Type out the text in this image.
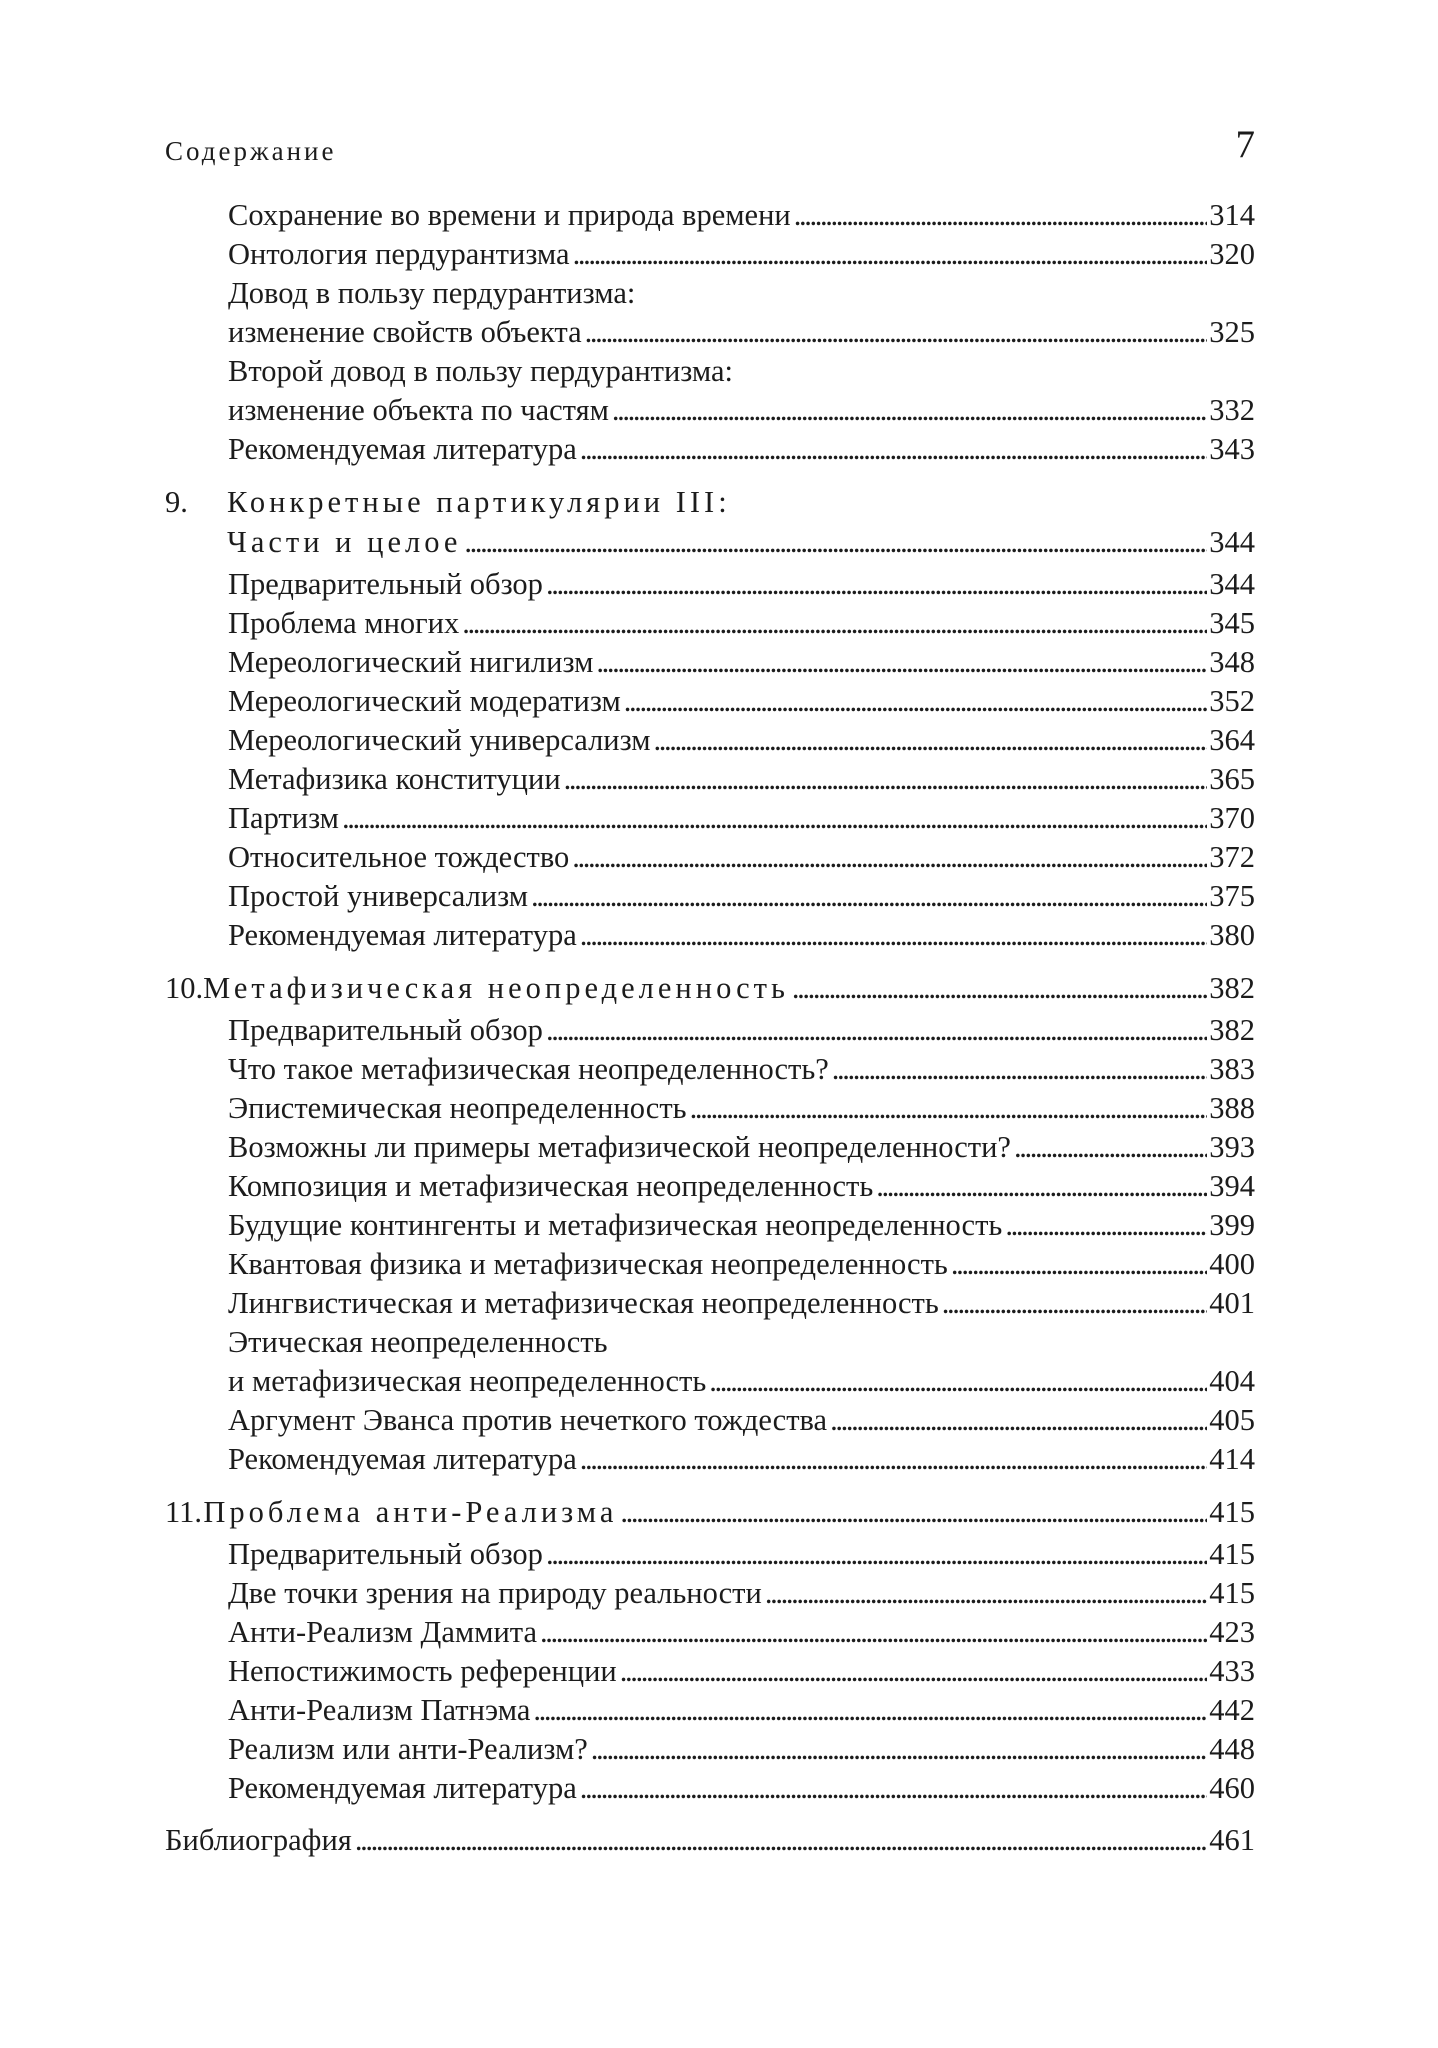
Содержание	7
Сохранение во времени и природа времени . . .	314
Онтология пердурантизма . . .	320
Довод в пользу пердурантизма:
изменение свойств объекта . . .	325
Второй довод в пользу пердурантизма:
изменение объекта по частям . . .	332
Рекомендуемая литература . . .	343
9.	Конкретные партикулярии III:
Части и целое . . .	344
Предварительный обзор . . .	344
Проблема многих . . .	345
Мереологический нигилизм . . .	348
Мереологический модератизм . . .	352
Мереологический универсализм . . .	364
Метафизика конституции . . .	365
Партизм . . .	370
Относительное тождество . . .	372
Простой универсализм . . .	375
Рекомендуемая литература . . .	380
10. Метафизическая неопределенность . . .	382
Предварительный обзор . . .	382
Что такое метафизическая неопределенность? . . .	383
Эпистемическая неопределенность . . .	388
Возможны ли примеры метафизической неопределенности? . . .	393
Композиция и метафизическая неопределенность . . .	394
Будущие контингенты и метафизическая неопределенность . . .	399
Квантовая физика и метафизическая неопределенность . . .	400
Лингвистическая и метафизическая неопределенность . . .	401
Этическая неопределенность
и метафизическая неопределенность . . .	404
Аргумент Эванса против нечеткого тождества . . .	405
Рекомендуемая литература . . .	414
11. Проблема анти-Реализма . . .	415
Предварительный обзор . . .	415
Две точки зрения на природу реальности . . .	415
Анти-Реализм Даммита . . .	423
Непостижимость референции . . .	433
Анти-Реализм Патнэма . . .	442
Реализм или анти-Реализм? . . .	448
Рекомендуемая литература . . .	460
Библиография . . .	461
